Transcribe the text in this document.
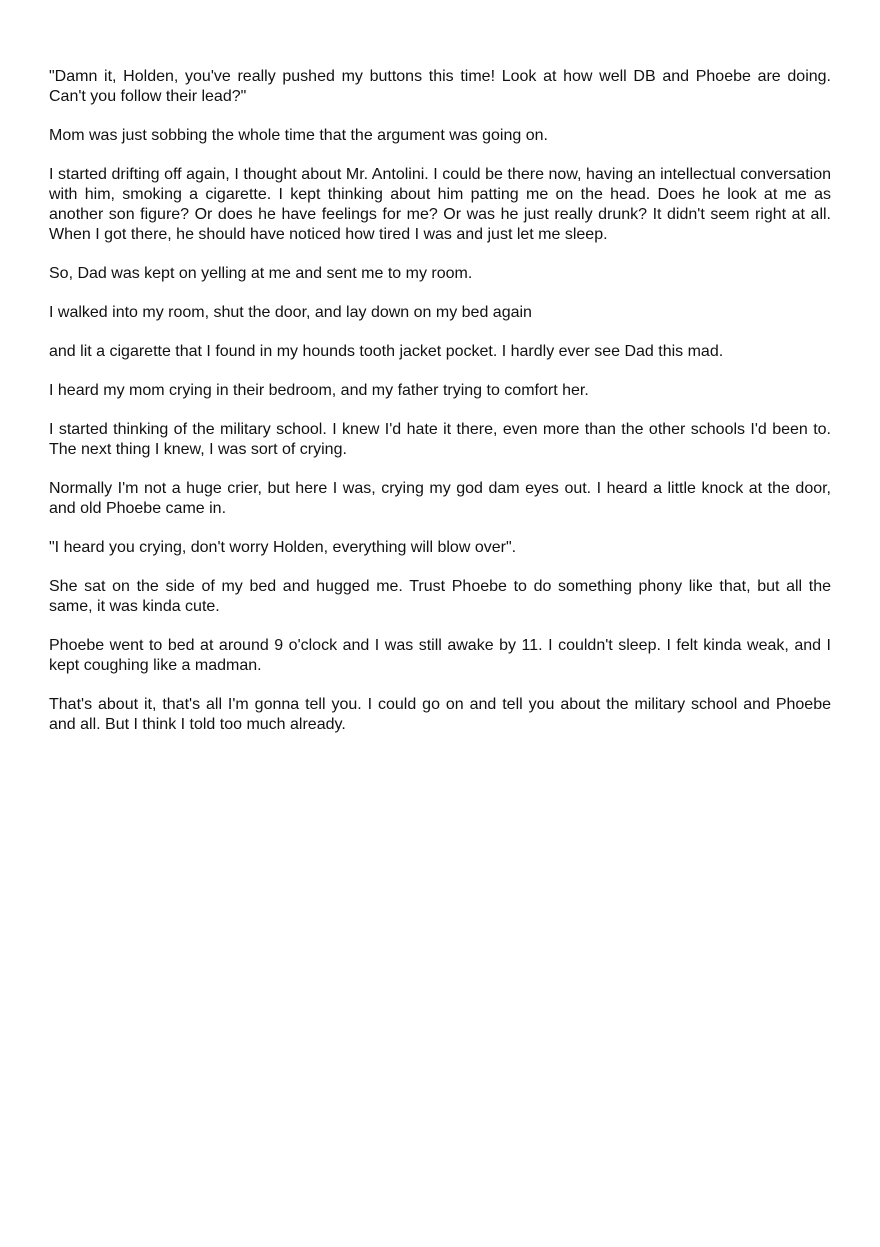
"Damn it, Holden, you've really pushed my buttons this time! Look at how well DB and Phoebe are doing. Can't you follow their lead?"

Mom was just sobbing the whole time that the argument was going on.

I started drifting off again, I thought about Mr. Antolini. I could be there now, having an intellectual conversation with him, smoking a cigarette. I kept thinking about him patting me on the head. Does he look at me as another son figure? Or does he have feelings for me? Or was he just really drunk? It didn't seem right at all. When I got there, he should have noticed how tired I was and just let me sleep.

So, Dad was kept on yelling at me and sent me to my room.

I walked into my room, shut the door, and lay down on my bed again

and lit a cigarette that I found in my hounds tooth jacket pocket. I hardly ever see Dad this mad.

I heard my mom crying in their bedroom, and my father trying to comfort her.

I started thinking of the military school. I knew I'd hate it there, even more than the other schools I'd been to. The next thing I knew, I was sort of crying.

Normally I'm not a huge crier, but here I was, crying my god dam eyes out. I heard a little knock at the door, and old Phoebe came in.

"I heard you crying, don't worry Holden, everything will blow over".

She sat on the side of my bed and hugged me. Trust Phoebe to do something phony like that, but all the same, it was kinda cute.

Phoebe went to bed at around 9 o'clock and I was still awake by 11. I couldn't sleep. I felt kinda weak, and I kept coughing like a madman.

That's about it, that's all I'm gonna tell you. I could go on and tell you about the military school and Phoebe and all. But I think I told too much already.
